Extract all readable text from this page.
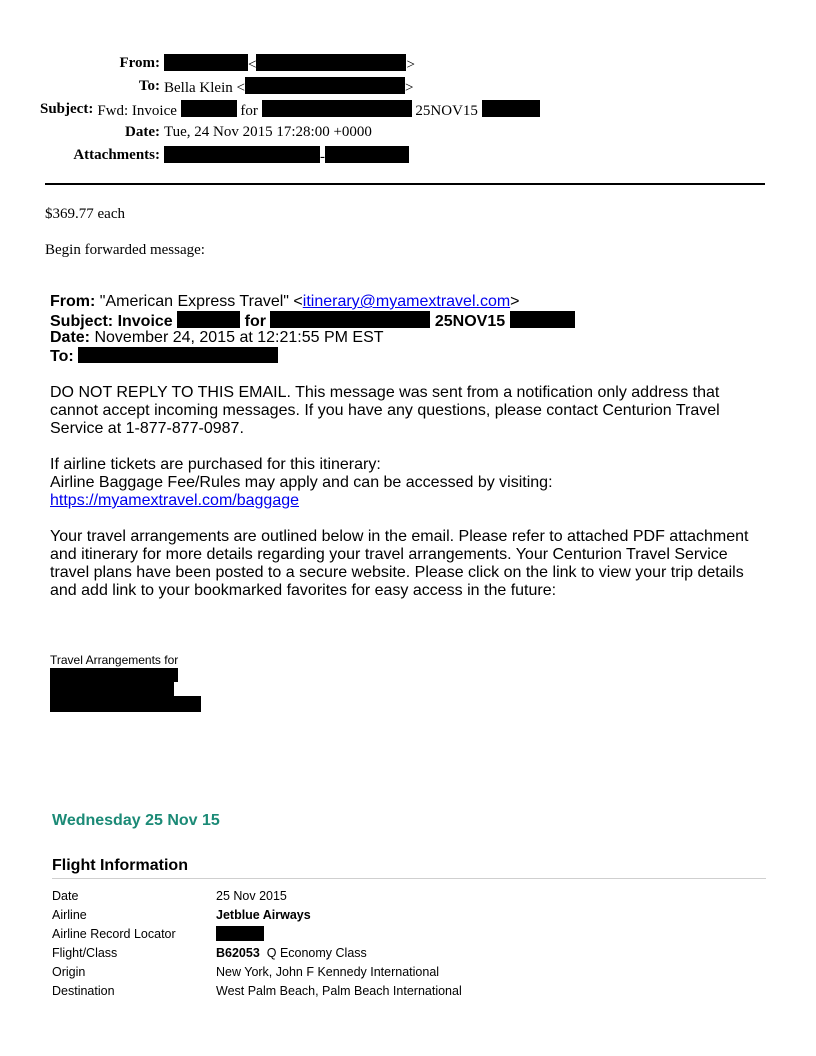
From:	<	>
To: Bella Klein <	>
Subject: Fwd: Invoice	for	25NOV15
Date: Tue, 24 Nov 2015 17:28:00 +0000
Attachments:	-
$369.77 each
Begin forwarded message:
From: "American Express Travel" <itinerary@myamextravel.com>
Subject: Invoice	for	25NOV15
Date: November 24, 2015 at 12:21:55 PM EST
To:
DO NOT REPLY TO THIS EMAIL. This message was sent from a notification only address that cannot accept incoming messages. If you have any questions, please contact Centurion Travel Service at 1-877-877-0987.
If airline tickets are purchased for this itinerary:
Airline Baggage Fee/Rules may apply and can be accessed by visiting:
https://myamextravel.com/baggage
Your travel arrangements are outlined below in the email. Please refer to attached PDF attachment and itinerary for more details regarding your travel arrangements. Your Centurion Travel Service travel plans have been posted to a secure website. Please click on the link to view your trip details and add link to your bookmarked favorites for easy access in the future:
Travel Arrangements for
Wednesday 25 Nov 15
Flight Information
Date	25 Nov 2015
Airline	Jetblue Airways
Airline Record Locator	
Flight/Class	B62053 Q Economy Class
Origin	New York, John F Kennedy International
Destination	West Palm Beach, Palm Beach International
